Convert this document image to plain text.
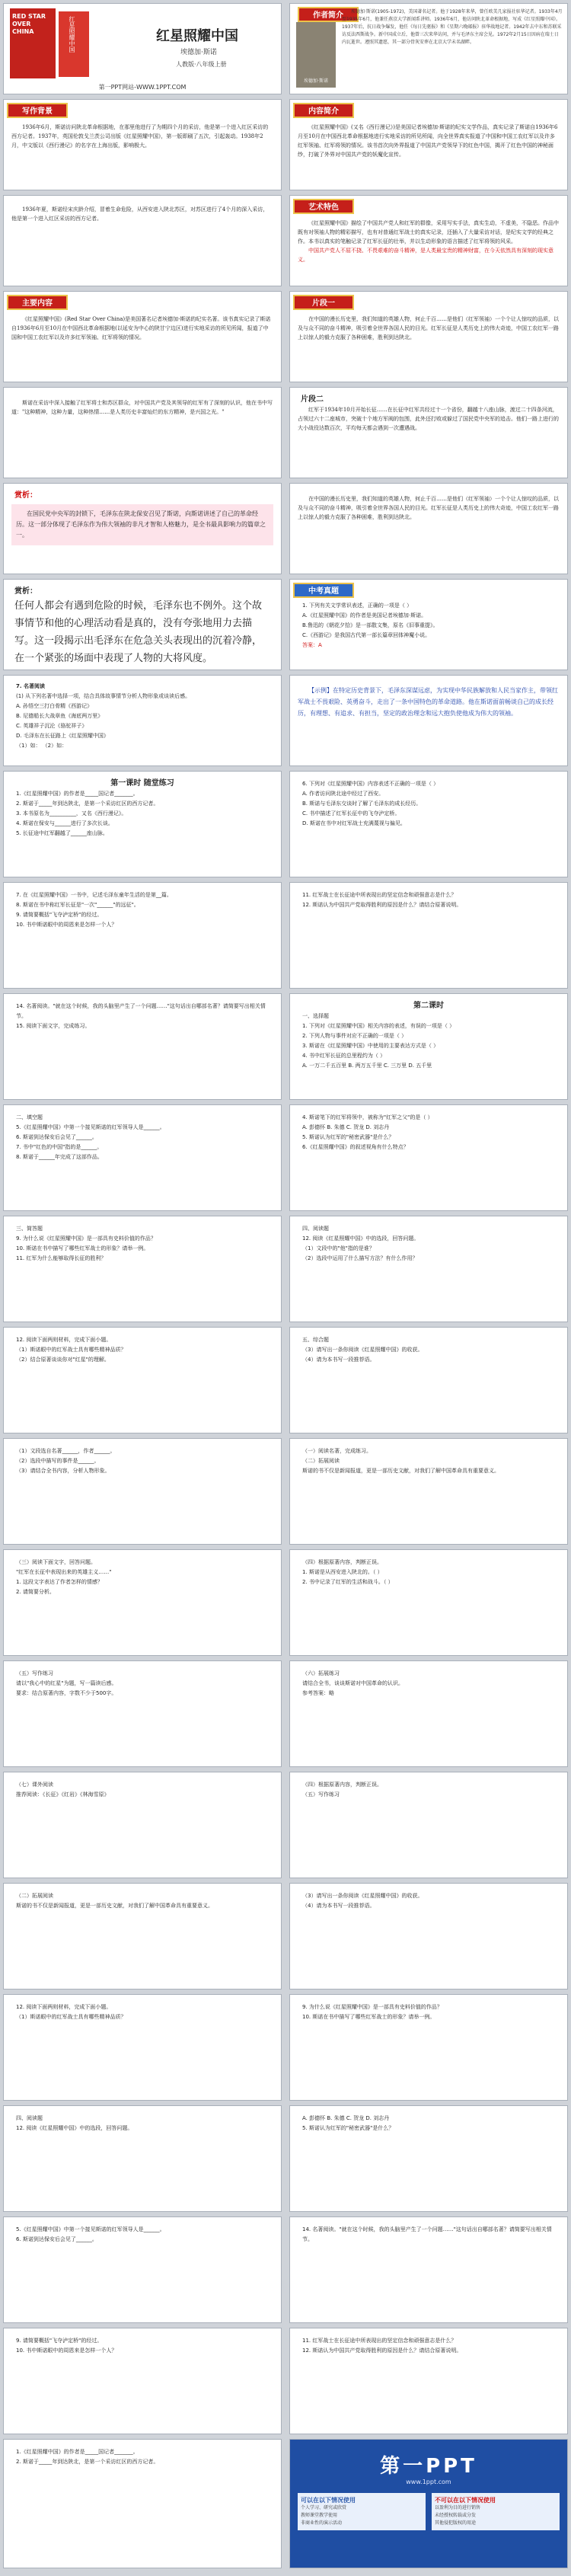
RED STAR OVER CHINA	红星照耀中国	红星照耀中国
埃德加·斯诺
人教版·八年级上册
第一PPT网站-WWW.1PPT.COM
埃德加·斯诺
作者简介	埃德加·斯诺(1905-1972)，美国著名记者。他于1928年来华，曾任欧美几家报社驻华记者。1933年4月至1935年6月，他兼任燕京大学新闻系讲师。1936年6月，他访问陕北革命根据地，写成《红星照耀中国》。1937年后，抗日战争爆发，他任《每日先驱报》和《星期六晚邮报》驻华战地记者。1942年去中东和苏联采访反法西斯战争。新中国成立后，他曾三次来华访问，并与毛泽东主席会见。1972年2月15日因病在瑞士日内瓦逝世。遵照其遗愿，其一部分骨灰安葬在北京大学未名湖畔。
写作背景
1936年6月，斯诺访问陕北革命根据地，在那里他进行了为期四个月的采访，他是第一个进入红区采访的西方记者。1937年，英国伦敦戈兰茨公司出版《红星照耀中国》，第一版即刷了五次，引起轰动。1938年2月，中文版以《西行漫记》的名字在上海出版，影响极大。
内容简介
《红星照耀中国》(又名《西行漫记》)是美国记者埃德加·斯诺的纪实文学作品，真实记录了斯诺自1936年6月至10月在中国西北革命根据地进行实地采访的所见所闻，向全世界真实报道了中国和中国工农红军以及许多红军领袖、红军将领的情况。该书首次向外界报道了中国共产党领导下的红色中国，揭开了红色中国的神秘面纱，打破了外界对中国共产党的妖魔化宣传。
1936年夏，斯诺经宋庆龄介绍，冒着生命危险，从西安进入陕北苏区，对苏区进行了4个月的深入采访，他是第一个进入红区采访的西方记者。
艺术特色
《红星照耀中国》描绘了中国共产党人和红军的群像，采用写实手法，真实生动，不虚美，不隐恶。作品中既有对领袖人物的精彩描写，也有对普通红军战士的真实记录，还插入了大量采访对话，是纪实文学的经典之作。本书以真实的笔触记录了红军长征的壮举，并以生动形象的语言描述了红军将领的风采。
中国共产党人不屈不挠、不畏艰难的奋斗精神，是人类最宝贵的精神财富，在今天依然具有深刻的现实意义。
主要内容
《红星照耀中国》(Red Star Over China)是美国著名记者埃德加·斯诺的纪实名著。该书真实记录了斯诺自1936年6月至10月在中国西北革命根据地(以延安为中心的陕甘宁边区)进行实地采访的所见所闻，报道了中国和中国工农红军以及许多红军领袖、红军将领的情况。
片段一
在中国的漫长历史里，我们知道的英雄人物，何止千百……是他们（红军领袖）一个个让人惊叹的品质，以及与众不同的奋斗精神，吸引着全世界各国人民的目光。红军长征是人类历史上的伟大奇迹，中国工农红军一路上以惊人的毅力克服了各种困难，胜利到达陕北。
斯诺在采访中深入接触了红军将士和苏区群众，对中国共产党及其领导的红军有了深刻的认识，他在书中写道："这种精神，这种力量，这种热情……是人类历史丰富灿烂的东方精神，是兴国之光。"
片段二
红军于1934年10月开始长征……在长征中红军共经过十一个省份，翻越十八座山脉，渡过二十四条河流，占领过六十二座城市，突破十个地方军阀的包围，此外还打败或躲过了国民党中央军的追击。他们一路上进行的大小战役达数百次，平均每天都会遇到一次遭遇战。
赏析：
在国民党中央军的封锁下，毛泽东在陕北保安召见了斯诺，向斯诺讲述了自己的革命经历。这一部分体现了毛泽东作为伟大领袖的非凡才智和人格魅力，是全书最具影响力的篇章之一。
在中国的漫长历史里，我们知道的英雄人物，何止千百……是他们（红军领袖）一个个让人惊叹的品质，以及与众不同的奋斗精神，吸引着全世界各国人民的目光。红军长征是人类历史上的伟大奇迹，中国工农红军一路上以惊人的毅力克服了各种困难，胜利到达陕北。
赏析：
任何人都会有遇到危险的时候，毛泽东也不例外。这个故事情节和他的心理活动看是真的，没有夸张地用力去描写。这一段揭示出毛泽东在危急关头表现出的沉着冷静，在一个紧张的场面中表现了人物的大将风度。
中考真题
1. 下列有关文学常识表述，正确的一项是（ ）
A.《红星照耀中国》的作者是美国记者埃德加·斯诺。
B.鲁迅的《朝花夕拾》是一部散文集，原名《旧事重提》。
C.《西游记》是我国古代第一部长篇章回体神魔小说。
答案：A
7. 名著阅读
(1) 从下列名著中选择一项，结合具体故事情节分析人物形象或谈读后感。
A. 孙悟空三打白骨精《西游记》
B. 尼德船长大战章鱼《海底两万里》
C. 英雄祥子沉沦《骆驼祥子》
D. 毛泽东在长征路上《红星照耀中国》
（1）如： （2）如：
【示例】在特定历史背景下，毛泽东深谋远虑，为实现中华民族解放和人民当家作主，带领红军战士不畏艰险、英勇奋斗，走出了一条中国特色的革命道路。他在斯诺面前畅谈自己的成长经历，有理想、有追求、有担当，坚定的政治理念和远大抱负使他成为伟大的领袖。
第一课时 随堂练习
1.《红星照耀中国》的作者是_____国记者_______。
2. 斯诺于_____年到达陕北，是第一个采访红区的西方记者。
3. 本书原名为__________，又名《西行漫记》。
4. 斯诺在保安与______进行了多次长谈。
5. 长征途中红军翻越了______座山脉。
6. 下列对《红星照耀中国》内容表述不正确的一项是（ ）
A. 作者访问陕北途中经过了西安。
B. 斯诺与毛泽东交谈时了解了毛泽东的成长经历。
C. 书中描述了红军长征中的飞夺泸定桥。
D. 斯诺在书中对红军战士充满蔑视与偏见。
7. 在《红星照耀中国》一书中，记述毛泽东童年生活的是第__篇。
8. 斯诺在书中称红军长征是"一次"______"的远征"。
9. 请简要概括"飞夺泸定桥"的经过。
10. 书中斯诺眼中的周恩来是怎样一个人？
11. 红军战士在长征途中所表现出的坚定信念和顽强意志是什么？
12. 斯诺认为中国共产党取得胜利的原因是什么？请结合原著说明。
14. 名著阅读。"就在这个时候，我的头脑里产生了一个问题……"这句话出自哪部名著？请简要写出相关情节。
15. 阅读下面文字，完成练习。
第二课时
一、选择题
1. 下列对《红星照耀中国》相关内容的表述，有误的一项是（ ）
2. 下列人物与事件对应不正确的一项是（ ）
3. 斯诺在《红星照耀中国》中使用的主要表达方式是（ ）
4. 书中红军长征的总里程约为（ ）
A. 一万二千五百里 B. 两万五千里 C. 三万里 D. 五千里
二、填空题
5.《红星照耀中国》中第一个接见斯诺的红军领导人是______。
6. 斯诺到达保安后会见了______。
7. 书中"红色的中国"指的是______。
8. 斯诺于______年完成了这部作品。
4. 斯诺笔下的红军将领中，被称为"红军之父"的是（ ）
A. 彭德怀 B. 朱德 C. 贺龙 D. 刘志丹
5. 斯诺认为红军的"秘密武器"是什么？
6.《红星照耀中国》的叙述视角有什么特点？
三、简答题
9. 为什么说《红星照耀中国》是一部具有史料价值的作品？
10. 斯诺在书中描写了哪些红军战士的形象？请举一例。
11. 红军为什么能够取得长征的胜利？
四、阅读题
12. 阅读《红星照耀中国》中的选段，回答问题。
（1）文段中的"他"指的是谁？
（2）选段中运用了什么描写方法？有什么作用？
12. 阅读下面两则材料，完成下面小题。
（1）斯诺眼中的红军战士具有哪些精神品质？
（2）结合原著谈谈你对"红星"的理解。
五、综合题
（3）请写出一条你阅读《红星照耀中国》的收获。
（4）请为本书写一段推荐语。
（1）文段选自名著______，作者______。
（2）选段中描写的事件是______。
（3）请结合全书内容，分析人物形象。
（一）阅读名著，完成练习。
（二）拓展阅读
斯诺的书不仅是新闻报道，更是一部历史文献，对我们了解中国革命具有重要意义。
（三）阅读下面文字，回答问题。
"红军在长征中表现出来的英雄主义……"
1. 这段文字表达了作者怎样的情感？
2. 请简要分析。
（四）根据原著内容，判断正误。
1. 斯诺是从西安进入陕北的。（ ）
2. 书中记录了红军的生活和战斗。（ ）
（五）写作练习
请以"我心中的红星"为题，写一篇读后感。
要求：结合原著内容，字数不少于500字。
（六）拓展练习
请结合全书，谈谈斯诺对中国革命的认识。
参考答案：略
（七）课外阅读
推荐阅读：《长征》《红岩》《林海雪原》
（四）根据原著内容，判断正误。
（五）写作练习
（二）拓展阅读
斯诺的书不仅是新闻报道，更是一部历史文献，对我们了解中国革命具有重要意义。
（3）请写出一条你阅读《红星照耀中国》的收获。
（4）请为本书写一段推荐语。
12. 阅读下面两则材料，完成下面小题。
（1）斯诺眼中的红军战士具有哪些精神品质？
9. 为什么说《红星照耀中国》是一部具有史料价值的作品？
10. 斯诺在书中描写了哪些红军战士的形象？请举一例。
四、阅读题
12. 阅读《红星照耀中国》中的选段，回答问题。
A. 彭德怀 B. 朱德 C. 贺龙 D. 刘志丹
5. 斯诺认为红军的"秘密武器"是什么？
5.《红星照耀中国》中第一个接见斯诺的红军领导人是______。
6. 斯诺到达保安后会见了______。
14. 名著阅读。"就在这个时候，我的头脑里产生了一个问题……"这句话出自哪部名著？请简要写出相关情节。
9. 请简要概括"飞夺泸定桥"的经过。
10. 书中斯诺眼中的周恩来是怎样一个人？
11. 红军战士在长征途中所表现出的坚定信念和顽强意志是什么？
12. 斯诺认为中国共产党取得胜利的原因是什么？请结合原著说明。
1.《红星照耀中国》的作者是_____国记者_______。
2. 斯诺于_____年到达陕北，是第一个采访红区的西方记者。	第一PPT
www.1ppt.com
可以在以下情况使用
个人学习、研究或欣赏
教师课堂教学使用
非商业性的演示活动
不可以在以下情况使用
以盈利为目的进行销售
未经授权转载或分发
其他侵犯版权的用途
